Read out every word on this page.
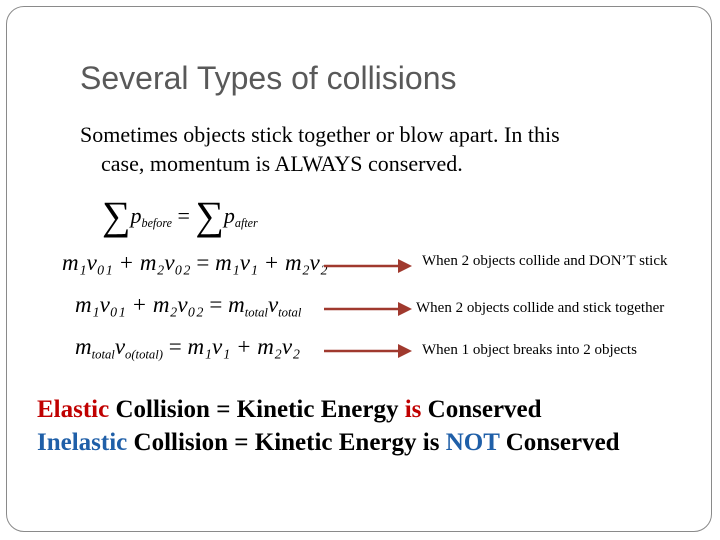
Several Types of collisions
Sometimes objects stick together or blow apart. In this
case, momentum is ALWAYS conserved.
$\sum p_{before} = \sum p_{after}$
m₁v₀₁ + m₂v₀₂ = m₁v₁ + m₂v₂
$m_1v_{01} + m_2v_{02} = m_{total}v_{total}$
$m_{total}v_{o(total)} = m_1v_1 + m_2v_2$
When 2 objects collide and DON’T stick
When 2 objects collide and stick together
When 1 object breaks into 2 objects
Elastic Collision = Kinetic Energy is Conserved
Inelastic Collision = Kinetic Energy is NOT Conserved
